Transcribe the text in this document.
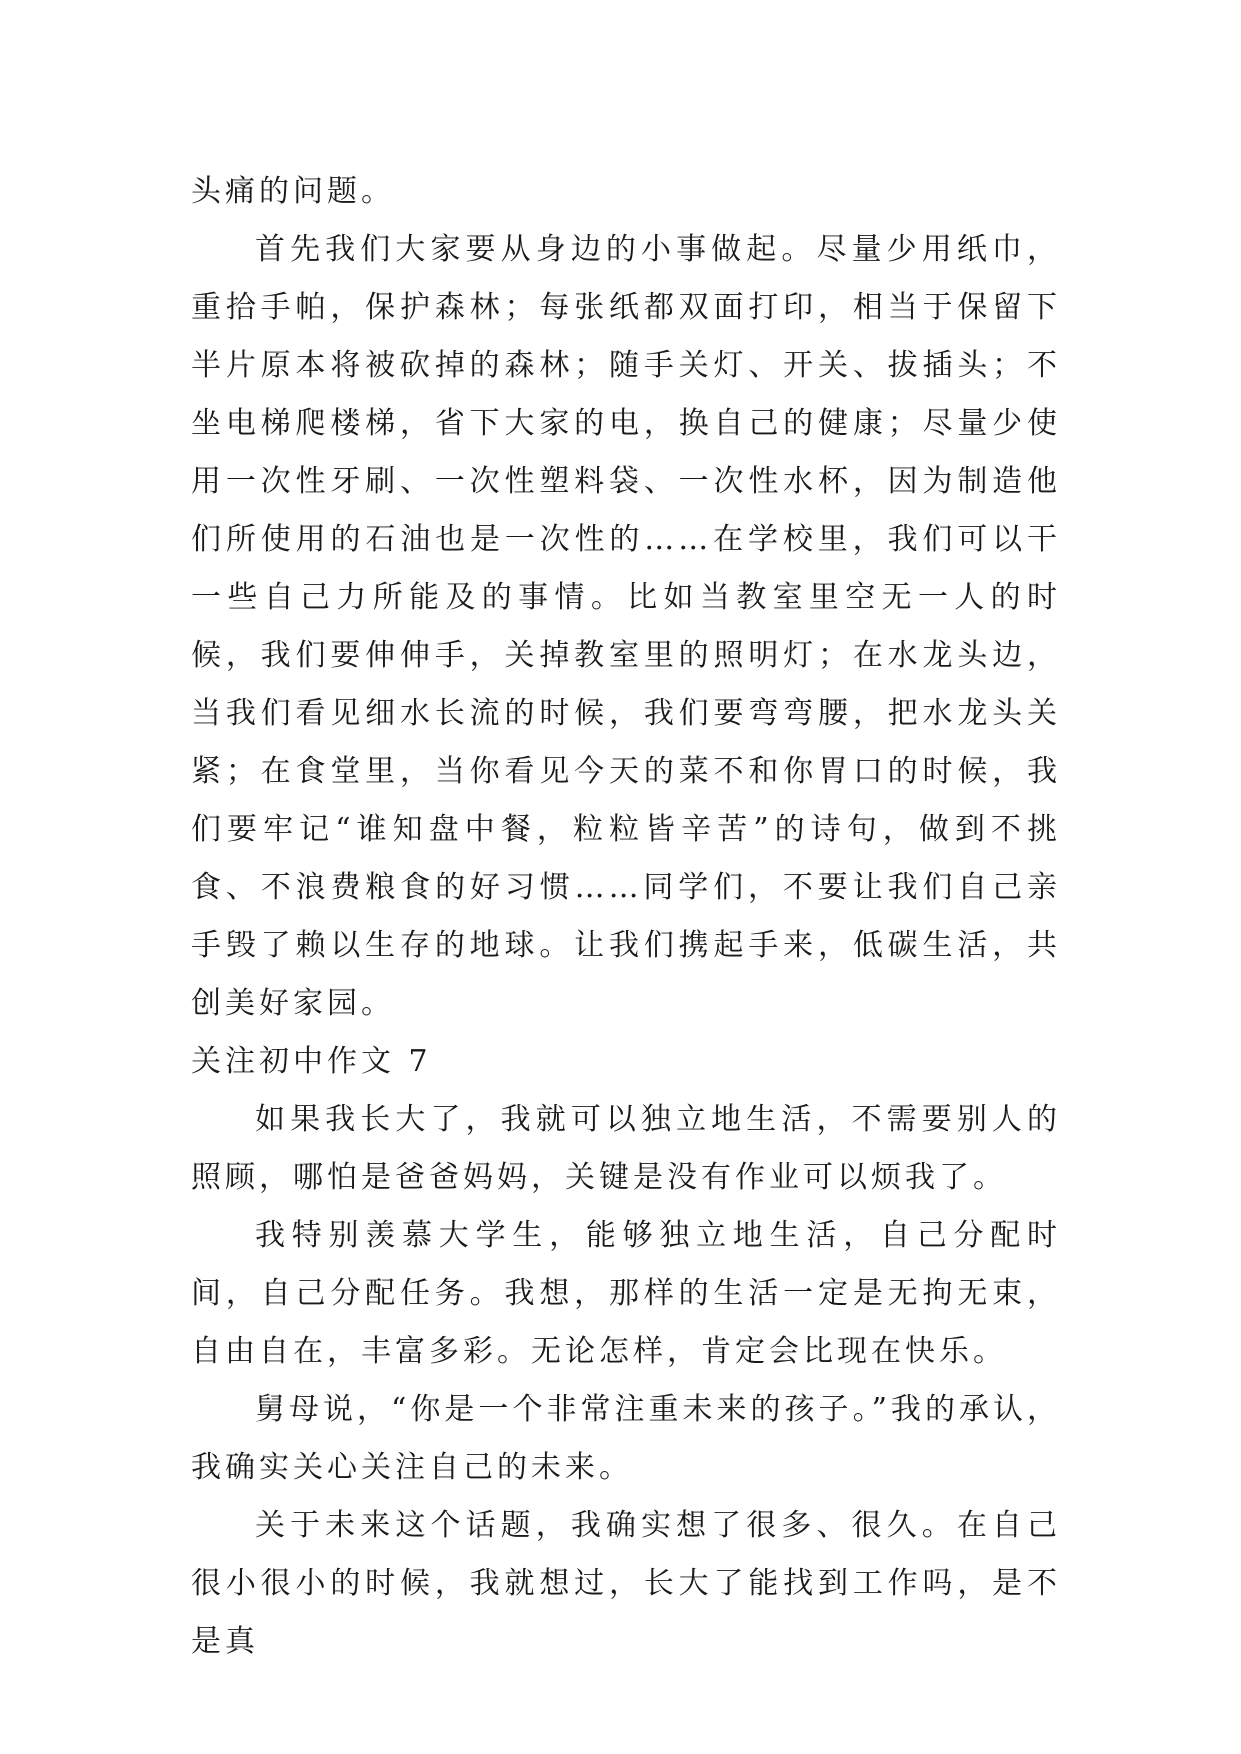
头痛的问题。

首先我们大家要从身边的小事做起。尽量少用纸巾，重拾手帕，保护森林；每张纸都双面打印，相当于保留下半片原本将被砍掉的森林；随手关灯、开关、拔插头；不坐电梯爬楼梯，省下大家的电，换自己的健康；尽量少使用一次性牙刷、一次性塑料袋、一次性水杯，因为制造他们所使用的石油也是一次性的……在学校里，我们可以干一些自己力所能及的事情。比如当教室里空无一人的时候，我们要伸伸手，关掉教室里的照明灯；在水龙头边，当我们看见细水长流的时候，我们要弯弯腰，把水龙头关紧；在食堂里，当你看见今天的菜不和你胃口的时候，我们要牢记“谁知盘中餐，粒粒皆辛苦”的诗句，做到不挑食、不浪费粮食的好习惯……同学们，不要让我们自己亲手毁了赖以生存的地球。让我们携起手来，低碳生活，共创美好家园。

关注初中作文 7

如果我长大了，我就可以独立地生活，不需要别人的照顾，哪怕是爸爸妈妈，关键是没有作业可以烦我了。

我特别羡慕大学生，能够独立地生活，自己分配时间，自己分配任务。我想，那样的生活一定是无拘无束，自由自在，丰富多彩。无论怎样，肯定会比现在快乐。

舅母说，“你是一个非常注重未来的孩子。”我的承认，我确实关心关注自己的未来。

关于未来这个话题，我确实想了很多、很久。在自己很小很小的时候，我就想过，长大了能找到工作吗，是不是真
